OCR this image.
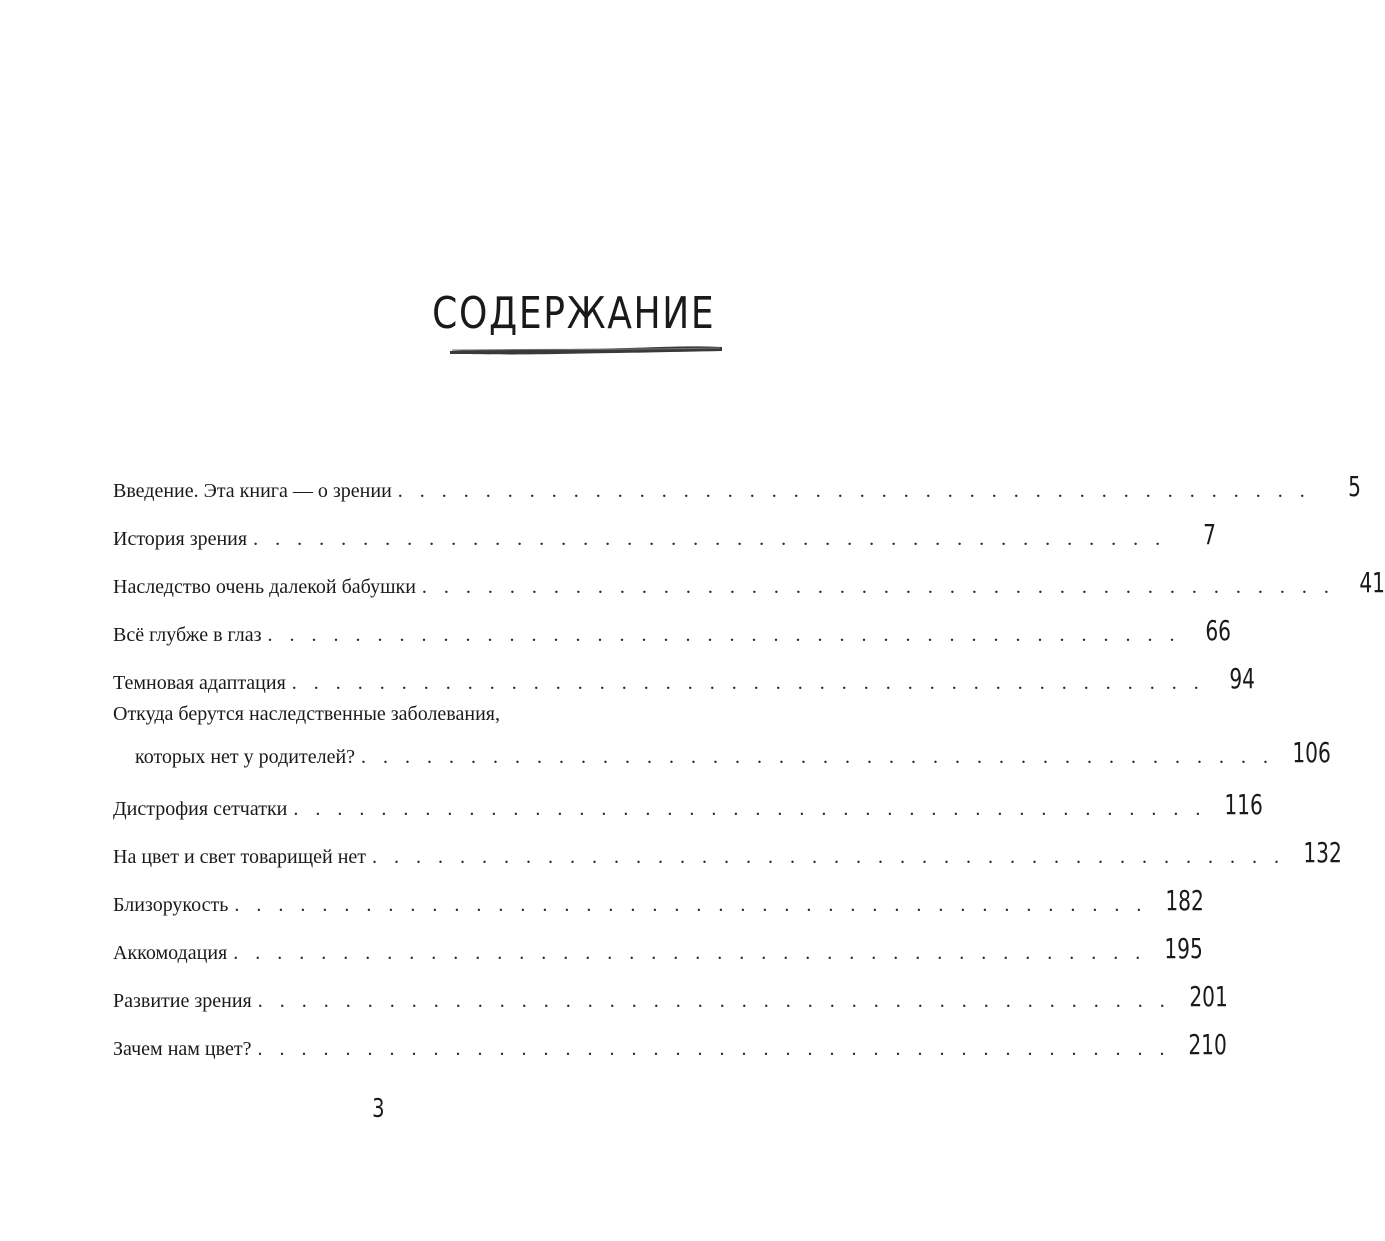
СОДЕРЖАНИЕ
Введение. Эта книга — о зрении . . . . . . . . . . . . . . . . . . . . . . . . . . . . . . . . . . . . . . . . . .	5
История зрения . . . . . . . . . . . . . . . . . . . . . . . . . . . . . . . . . . . . . . . . . .	7
Наследство очень далекой бабушки . . . . . . . . . . . . . . . . . . . . . . . . . . . . . . . . . . . . . . . . . . 41
Всё глубже в глаз . . . . . . . . . . . . . . . . . . . . . . . . . . . . . . . . . . . . . . . . . . 66
Темновая адаптация . . . . . . . . . . . . . . . . . . . . . . . . . . . . . . . . . . . . . . . . . . 94
Откуда берутся наследственные заболевания,
которых нет у родителей? . . . . . . . . . . . . . . . . . . . . . . . . . . . . . . . . . . . . . . . . . . 106
Дистрофия сетчатки . . . . . . . . . . . . . . . . . . . . . . . . . . . . . . . . . . . . . . . . . . 116
На цвет и свет товарищей нет . . . . . . . . . . . . . . . . . . . . . . . . . . . . . . . . . . . . . . . . . . 132
Близорукость . . . . . . . . . . . . . . . . . . . . . . . . . . . . . . . . . . . . . . . . . . 182
Аккомодация . . . . . . . . . . . . . . . . . . . . . . . . . . . . . . . . . . . . . . . . . . 195
Развитие зрения . . . . . . . . . . . . . . . . . . . . . . . . . . . . . . . . . . . . . . . . . . 201
Зачем нам цвет? . . . . . . . . . . . . . . . . . . . . . . . . . . . . . . . . . . . . . . . . . . 210
3
